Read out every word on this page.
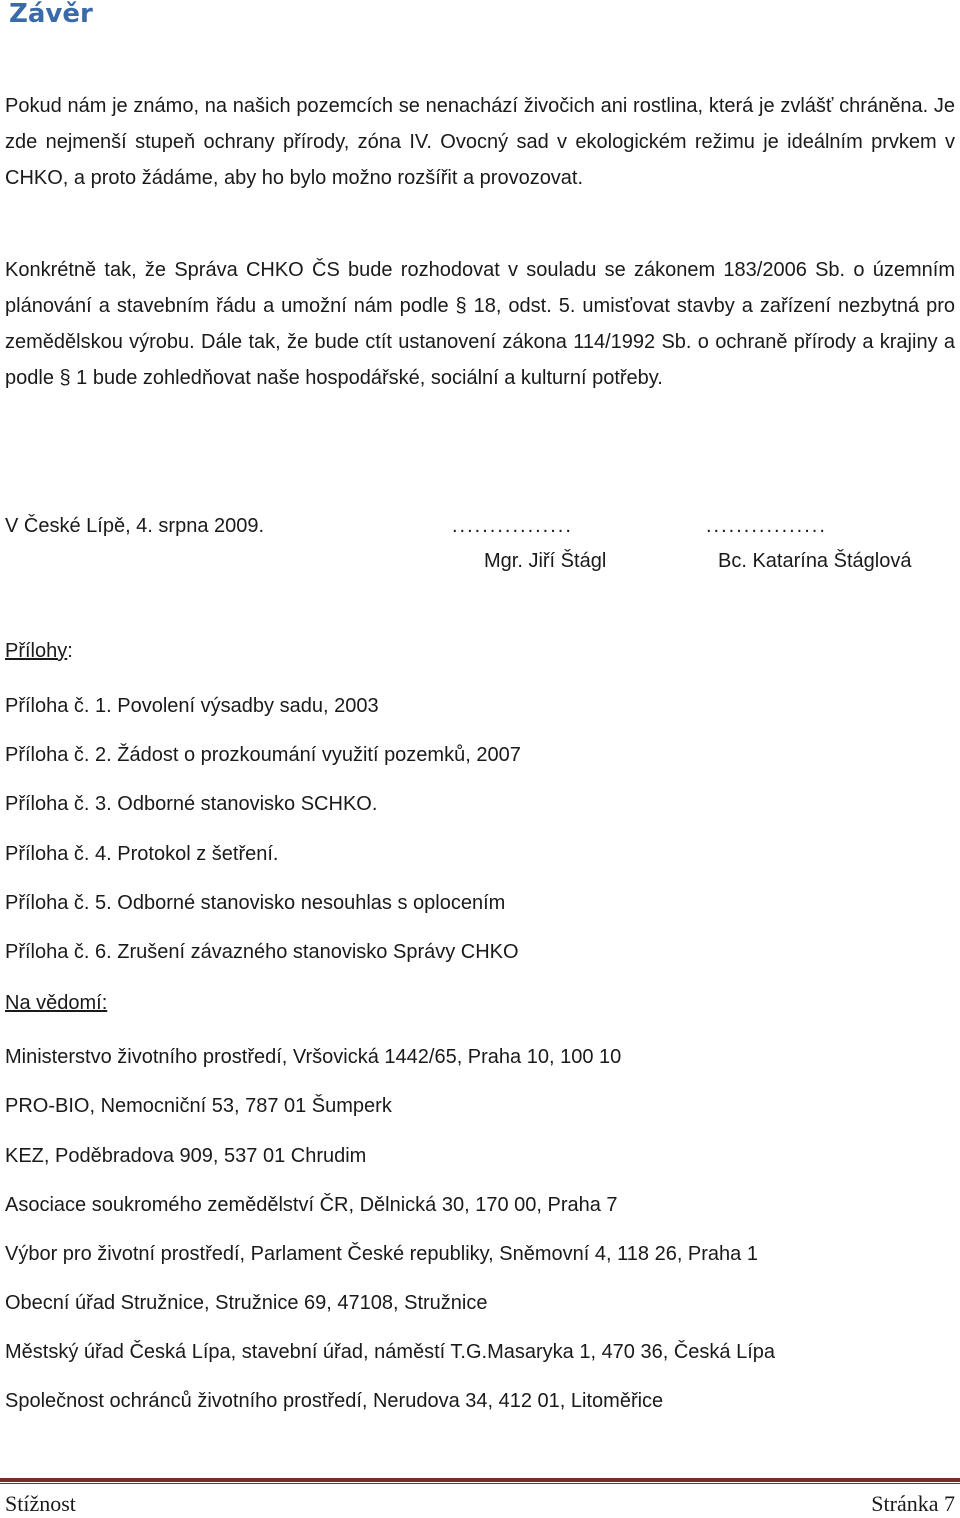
Závěr

Pokud nám je známo, na našich pozemcích se nenachází živočich ani rostlina, která je zvlášť chráněna. Je zde nejmenší stupeň ochrany přírody, zóna IV. Ovocný sad v ekologickém režimu je ideálním prvkem v CHKO, a proto žádáme, aby ho bylo možno rozšířit a provozovat.

Konkrétně tak, že Správa CHKO ČS bude rozhodovat v souladu se zákonem 183/2006 Sb. o územním plánování a stavebním řádu a umožní nám podle § 18, odst. 5. umisťovat stavby a zařízení nezbytná pro zemědělskou výrobu. Dále tak, že bude ctít ustanovení zákona 114/1992 Sb. o ochraně přírody a krajiny a podle § 1 bude zohledňovat naše hospodářské, sociální a kulturní potřeby.

V České Lípě, 4. srpna 2009.	................	................
Mgr. Jiří Štágl	Bc. Katarína Štáglová
Přílohy:
Příloha č. 1. Povolení výsadby sadu, 2003
Příloha č. 2. Žádost o prozkoumání využití pozemků, 2007
Příloha č. 3. Odborné stanovisko SCHKO.
Příloha č. 4. Protokol z šetření.
Příloha č. 5. Odborné stanovisko nesouhlas s oplocením
Příloha č. 6. Zrušení závazného stanovisko Správy CHKO
Na vědomí:
Ministerstvo životního prostředí, Vršovická 1442/65, Praha 10, 100 10
PRO-BIO, Nemocniční 53, 787 01 Šumperk
KEZ, Poděbradova 909, 537 01 Chrudim
Asociace soukromého zemědělství ČR, Dělnická 30, 170 00, Praha 7
Výbor pro životní prostředí, Parlament České republiky, Sněmovní 4, 118 26, Praha 1
Obecní úřad Stružnice, Stružnice 69, 47108, Stružnice
Městský úřad Česká Lípa, stavební úřad, náměstí T.G.Masaryka 1, 470 36, Česká Lípa
Společnost ochránců životního prostředí, Nerudova 34, 412 01, Litoměřice
Stížnost	Stránka 7
